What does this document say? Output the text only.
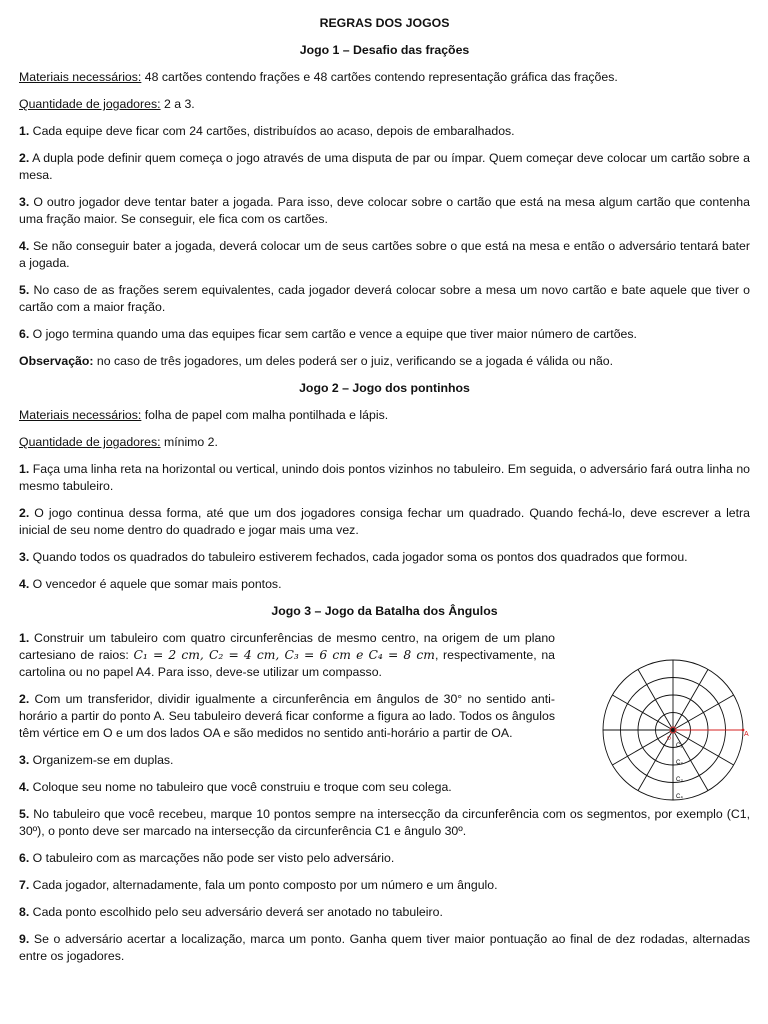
REGRAS DOS JOGOS
Jogo 1 – Desafio das frações

Materiais necessários: 48 cartões contendo frações e 48 cartões contendo representação gráfica das frações.

Quantidade de jogadores: 2 a 3.

1. Cada equipe deve ficar com 24 cartões, distribuídos ao acaso, depois de embaralhados.

2. A dupla pode definir quem começa o jogo através de uma disputa de par ou ímpar. Quem começar deve colocar um cartão sobre a mesa.

3. O outro jogador deve tentar bater a jogada. Para isso, deve colocar sobre o cartão que está na mesa algum cartão que contenha uma fração maior. Se conseguir, ele fica com os cartões.

4. Se não conseguir bater a jogada, deverá colocar um de seus cartões sobre o que está na mesa e então o adversário tentará bater a jogada.

5. No caso de as frações serem equivalentes, cada jogador deverá colocar sobre a mesa um novo cartão e bate aquele que tiver o cartão com a maior fração.

6. O jogo termina quando uma das equipes ficar sem cartão e vence a equipe que tiver maior número de cartões.

Observação: no caso de três jogadores, um deles poderá ser o juiz, verificando se a jogada é válida ou não.

Jogo 2 – Jogo dos pontinhos

Materiais necessários: folha de papel com malha pontilhada e lápis.

Quantidade de jogadores: mínimo 2.

1. Faça uma linha reta na horizontal ou vertical, unindo dois pontos vizinhos no tabuleiro. Em seguida, o adversário fará outra linha no mesmo tabuleiro.

2. O jogo continua dessa forma, até que um dos jogadores consiga fechar um quadrado. Quando fechá-lo, deve escrever a letra inicial de seu nome dentro do quadrado e jogar mais uma vez.

3. Quando todos os quadrados do tabuleiro estiverem fechados, cada jogador soma os pontos dos quadrados que formou.

4. O vencedor é aquele que somar mais pontos.

Jogo 3 – Jogo da Batalha dos Ângulos

1. Construir um tabuleiro com quatro circunferências de mesmo centro, na origem de um plano cartesiano de raios: C₁ = 2 cm, C₂ = 4 cm, C₃ = 6 cm e C₄ = 8 cm, respectivamente, na cartolina ou no papel A4. Para isso, deve-se utilizar um compasso.

2. Com um transferidor, dividir igualmente a circunferência em ângulos de 30° no sentido anti-horário a partir do ponto A. Seu tabuleiro deverá ficar conforme a figura ao lado. Todos os ângulos têm vértice em O e um dos lados OA e são medidos no sentido anti-horário a partir de OA.

3. Organizem-se em duplas.

4. Coloque seu nome no tabuleiro que você construiu e troque com seu colega.

A
O
C₁
C₂
C₃
C₄

5. No tabuleiro que você recebeu, marque 10 pontos sempre na intersecção da circunferência com os segmentos, por exemplo (C1, 30º), o ponto deve ser marcado na intersecção da circunferência C1 e ângulo 30º.

6. O tabuleiro com as marcações não pode ser visto pelo adversário.

7. Cada jogador, alternadamente, fala um ponto composto por um número e um ângulo.

8. Cada ponto escolhido pelo seu adversário deverá ser anotado no tabuleiro.

9. Se o adversário acertar a localização, marca um ponto. Ganha quem tiver maior pontuação ao final de dez rodadas, alternadas entre os jogadores.
